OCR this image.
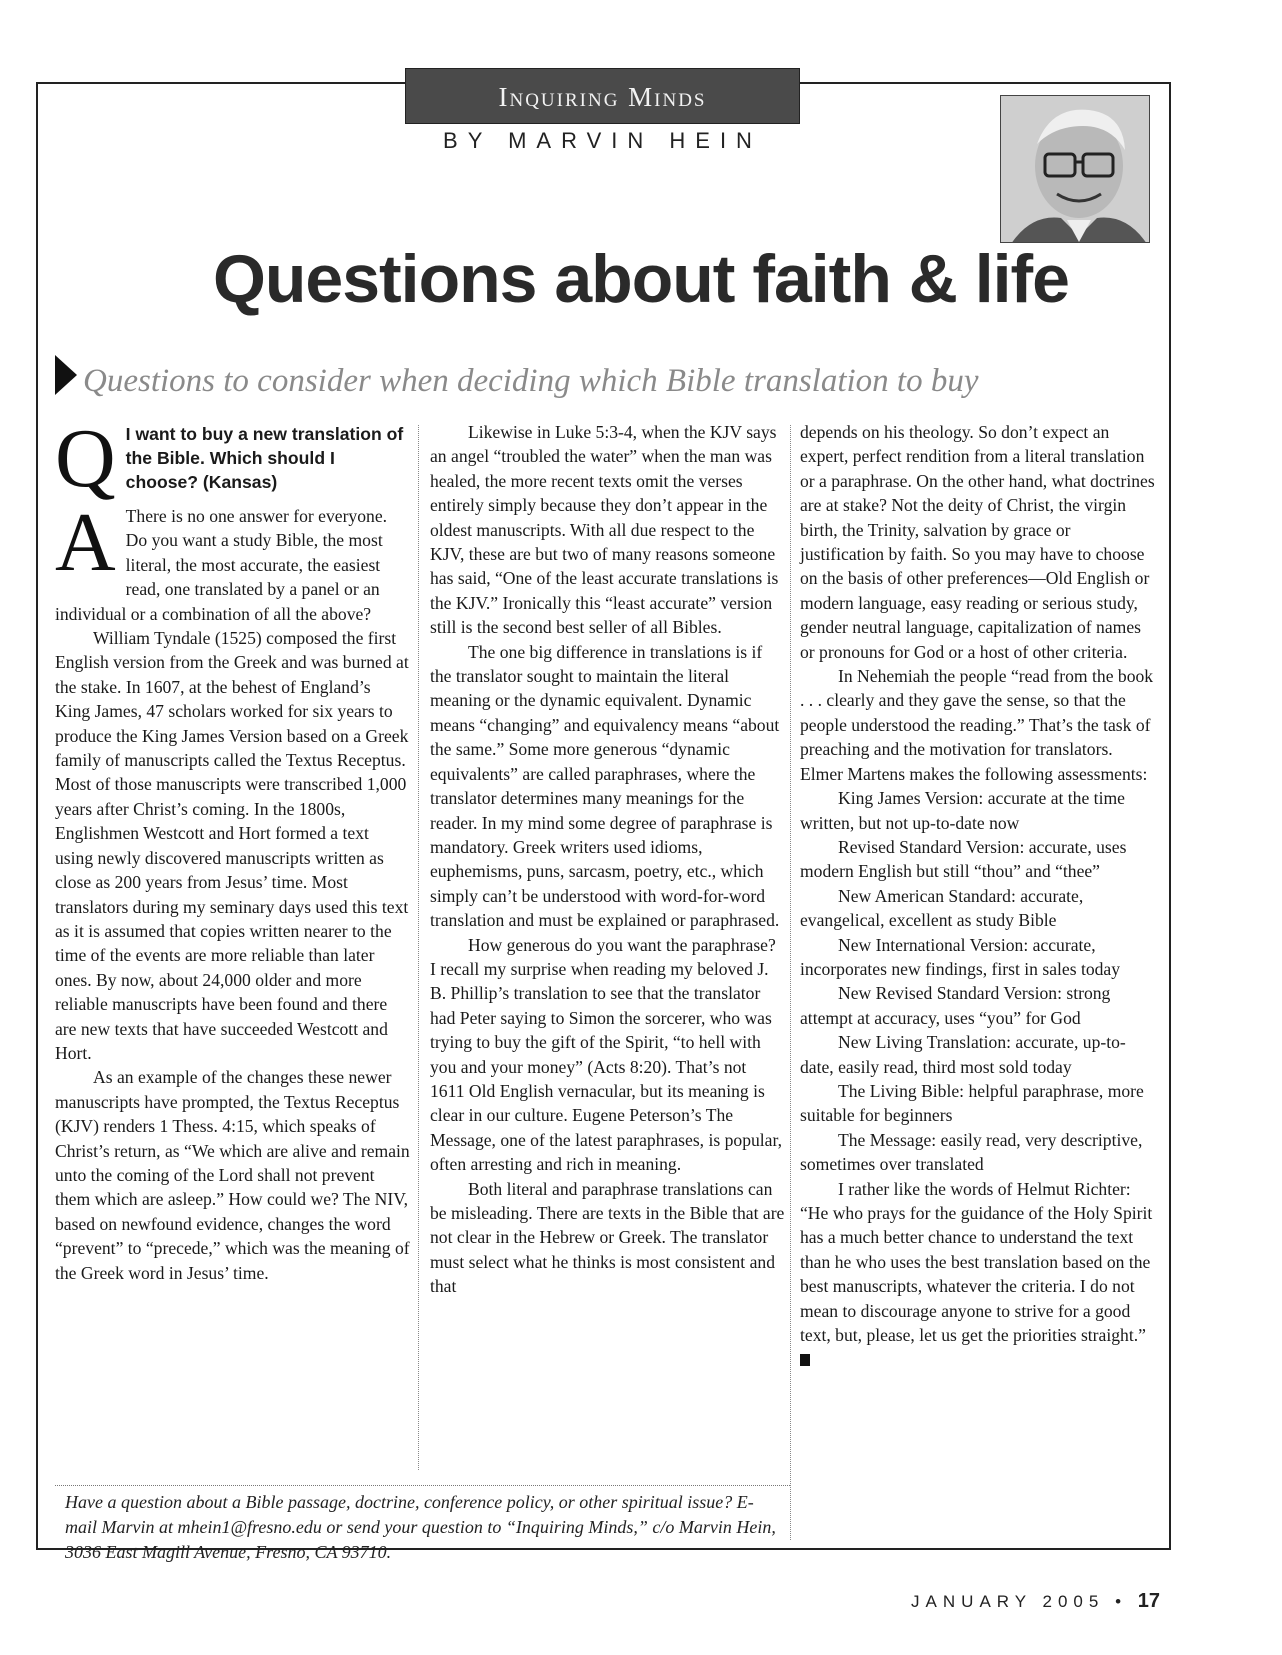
Inquiring Minds
BY MARVIN HEIN
Questions about faith & life
Questions to consider when deciding which Bible translation to buy
Q I want to buy a new translation of the Bible. Which should I choose? (Kansas)

A There is no one answer for everyone. Do you want a study Bible, the most literal, the most accurate, the easiest read, one translated by a panel or an individual or a combination of all the above?

William Tyndale (1525) composed the first English version from the Greek and was burned at the stake. In 1607, at the behest of England’s King James, 47 scholars worked for six years to produce the King James Version based on a Greek family of manuscripts called the Textus Receptus. Most of those manuscripts were transcribed 1,000 years after Christ’s coming. In the 1800s, Englishmen Westcott and Hort formed a text using newly discovered manuscripts written as close as 200 years from Jesus’ time. Most translators during my seminary days used this text as it is assumed that copies written nearer to the time of the events are more reliable than later ones. By now, about 24,000 older and more reliable manuscripts have been found and there are new texts that have succeeded Westcott and Hort.

As an example of the changes these newer manuscripts have prompted, the Textus Receptus (KJV) renders 1 Thess. 4:15, which speaks of Christ’s return, as “We which are alive and remain unto the coming of the Lord shall not prevent them which are asleep.” How could we? The NIV, based on newfound evidence, changes the word “prevent” to “precede,” which was the meaning of the Greek word in Jesus’ time.

Likewise in Luke 5:3-4, when the KJV says an angel “troubled the water” when the man was healed, the more recent texts omit the verses entirely simply because they don’t appear in the oldest manuscripts. With all due respect to the KJV, these are but two of many reasons someone has said, “One of the least accurate translations is the KJV.” Ironically this “least accurate” version still is the second best seller of all Bibles.

The one big difference in translations is if the translator sought to maintain the literal meaning or the dynamic equivalent. Dynamic means “changing” and equivalency means “about the same.” Some more generous “dynamic equivalents” are called paraphrases, where the translator determines many meanings for the reader. In my mind some degree of paraphrase is mandatory. Greek writers used idioms, euphemisms, puns, sarcasm, poetry, etc., which simply can’t be understood with word-for-word translation and must be explained or paraphrased.

How generous do you want the paraphrase? I recall my surprise when reading my beloved J. B. Phillip’s translation to see that the translator had Peter saying to Simon the sorcerer, who was trying to buy the gift of the Spirit, “to hell with you and your money” (Acts 8:20). That’s not 1611 Old English vernacular, but its meaning is clear in our culture. Eugene Peterson’s The Message, one of the latest paraphrases, is popular, often arresting and rich in meaning.

Both literal and paraphrase translations can be misleading. There are texts in the Bible that are not clear in the Hebrew or Greek. The translator must select what he thinks is most consistent and that

depends on his theology. So don’t expect an expert, perfect rendition from a literal translation or a paraphrase. On the other hand, what doctrines are at stake? Not the deity of Christ, the virgin birth, the Trinity, salvation by grace or justification by faith. So you may have to choose on the basis of other preferences—Old English or modern language, easy reading or serious study, gender neutral language, capitalization of names or pronouns for God or a host of other criteria.

In Nehemiah the people “read from the book . . . clearly and they gave the sense, so that the people understood the reading.” That’s the task of preaching and the motivation for translators. Elmer Martens makes the following assessments:

King James Version: accurate at the time written, but not up-to-date now

Revised Standard Version: accurate, uses modern English but still “thou” and “thee”

New American Standard: accurate, evangelical, excellent as study Bible

New International Version: accurate, incorporates new findings, first in sales today

New Revised Standard Version: strong attempt at accuracy, uses “you” for God

New Living Translation: accurate, up-to-date, easily read, third most sold today

The Living Bible: helpful paraphrase, more suitable for beginners

The Message: easily read, very descriptive, sometimes over translated

I rather like the words of Helmut Richter: “He who prays for the guidance of the Holy Spirit has a much better chance to understand the text than he who uses the best translation based on the best manuscripts, whatever the criteria. I do not mean to discourage anyone to strive for a good text, but, please, let us get the priorities straight.”

Have a question about a Bible passage, doctrine, conference policy, or other spiritual issue? E-mail Marvin at mhein1@fresno.edu or send your question to “Inquiring Minds,” c/o Marvin Hein, 3036 East Magill Avenue, Fresno, CA 93710.
JANUARY 2005 • 17
